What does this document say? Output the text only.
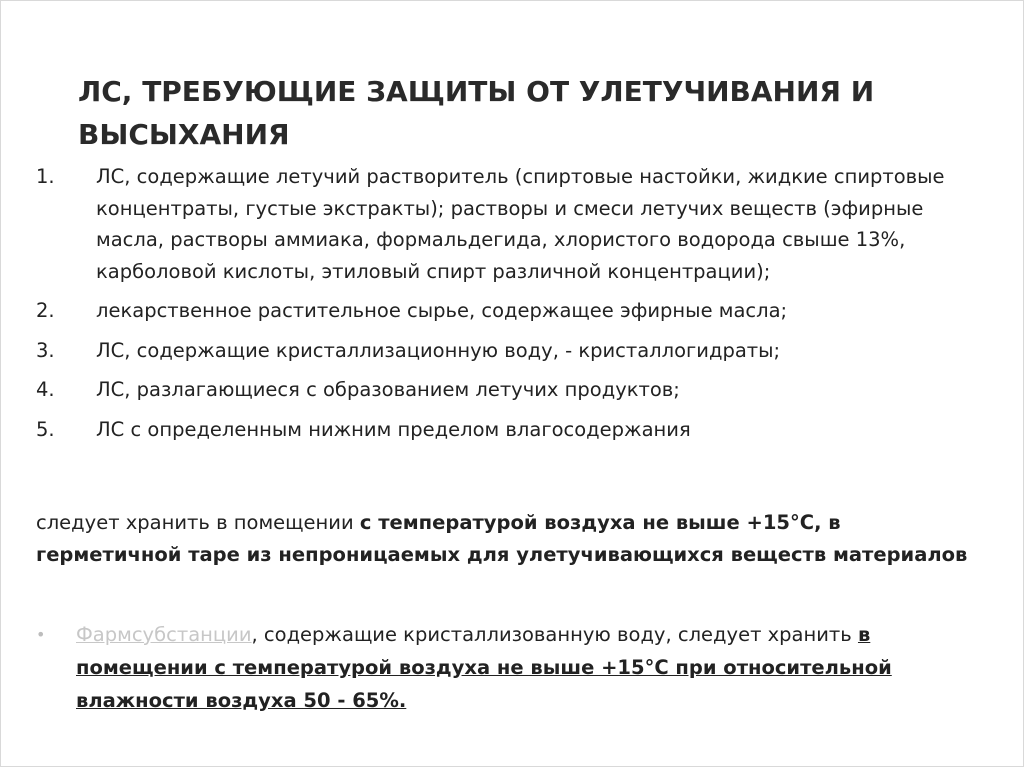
ЛС, ТРЕБУЮЩИЕ ЗАЩИТЫ ОТ УЛЕТУЧИВАНИЯ И ВЫСЫХАНИЯ
1.	ЛС, содержащие летучий растворитель (спиртовые настойки, жидкие спиртовые концентраты, густые экстракты); растворы и смеси летучих веществ (эфирные масла, растворы аммиака, формальдегида, хлористого водорода свыше 13%, карболовой кислоты, этиловый спирт различной концентрации);
2.	лекарственное растительное сырье, содержащее эфирные масла;
3.	ЛС, содержащие кристаллизационную воду, - кристаллогидраты;
4.	ЛС, разлагающиеся с образованием летучих продуктов;
5.	ЛС с определенным нижним пределом влагосодержания

следует хранить в помещении с температурой воздуха не выше +15°С, в герметичной таре из непроницаемых для улетучивающихся веществ материалов

•	Фармсубстанции, содержащие кристаллизованную воду, следует хранить в помещении с температурой воздуха не выше +15°С при относительной влажности воздуха 50 - 65%.
